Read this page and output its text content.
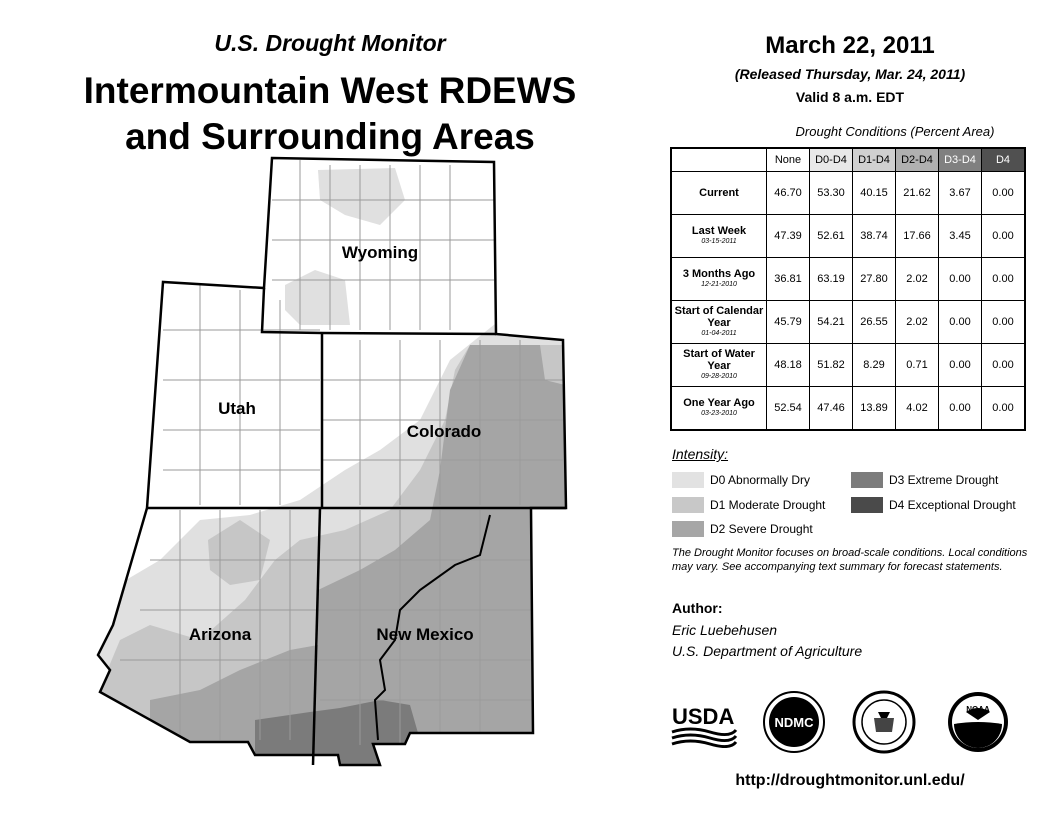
Wyoming
Utah
Colorado
Arizona	New Mexico
U.S. Drought Monitor
Intermountain West RDEWS
and Surrounding Areas
March 22, 2011
(Released Thursday, Mar. 24, 2011)
Valid 8 a.m. EDT
Drought Conditions (Percent Area)
	None	D0-D4	D1-D4	D2-D4	D3-D4	D4
Current	46.70	53.30	40.15	21.62	3.67	0.00
Last Week
03-15-2011	47.39	52.61	38.74	17.66	3.45	0.00
3 Months Ago
12-21-2010	36.81	63.19	27.80	2.02	0.00	0.00
Start of Calendar Year
01-04-2011	45.79	54.21	26.55	2.02	0.00	0.00
Start of Water Year
09-28-2010	48.18	51.82	8.29	0.71	0.00	0.00
One Year Ago
03-23-2010	52.54	47.46	13.89	4.02	0.00	0.00
Intensity:
D0 Abnormally Dry
D1 Moderate Drought
D2 Severe Drought
D3 Extreme Drought
D4 Exceptional Drought
The Drought Monitor focuses on broad-scale conditions. Local conditions may vary. See accompanying text summary for forecast statements.
Author:
Eric Luebehusen
U.S. Department of Agriculture
USDA	NDMC
NOAA
http://droughtmonitor.unl.edu/
